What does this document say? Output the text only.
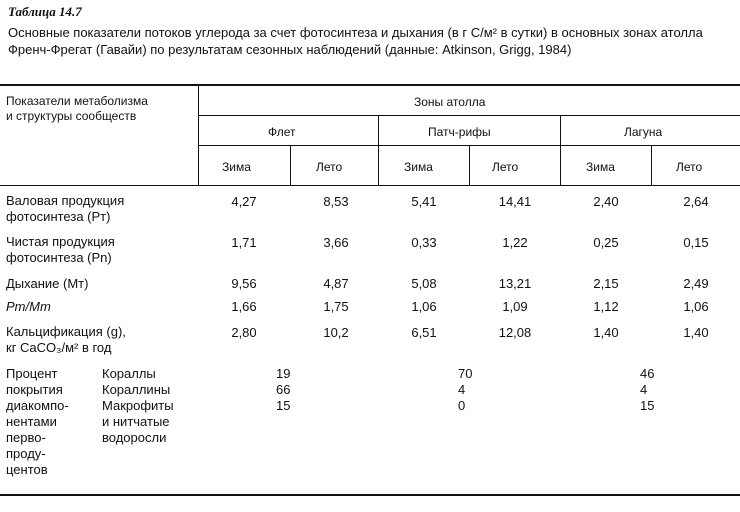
Таблица 14.7
Основные показатели потоков углерода за счет фотосинтеза и дыхания (в г С/м² в сутки) в основных зонах атолла Френч-Фрегат (Гавайи) по результатам сезонных наблюдений (данные: Atkinson, Grigg, 1984)
Показатели метаболизма
и структуры сообществ
Зоны атолла
Флет	Патч-рифы	Лагуна
Зима	Лето	Зима	Лето	Зима	Лето
Валовая продукция
фотосинтеза (Pт)
4,27	8,53	5,41	14,41	2,40	2,64
Чистая продукция
фотосинтеза (Pn)
1,71	3,66	0,33	1,22	0,25	0,15
Дыхание (Mт)	9,56	4,87	5,08	13,21	2,15	2,49
Pт/Mт	1,66	1,75	1,06	1,09	1,12	1,06
Кальцификация (g),
кг CaCO₃/м² в год
2,80	10,2	6,51	12,08	1,40	1,40
Процент
покрытия
диакомпо-
нентами
перво-
проду-
центов
Кораллы	19	70	46
Кораллины	66	4	4
Макрофиты
и нитчатые
водоросли
15	0	15
